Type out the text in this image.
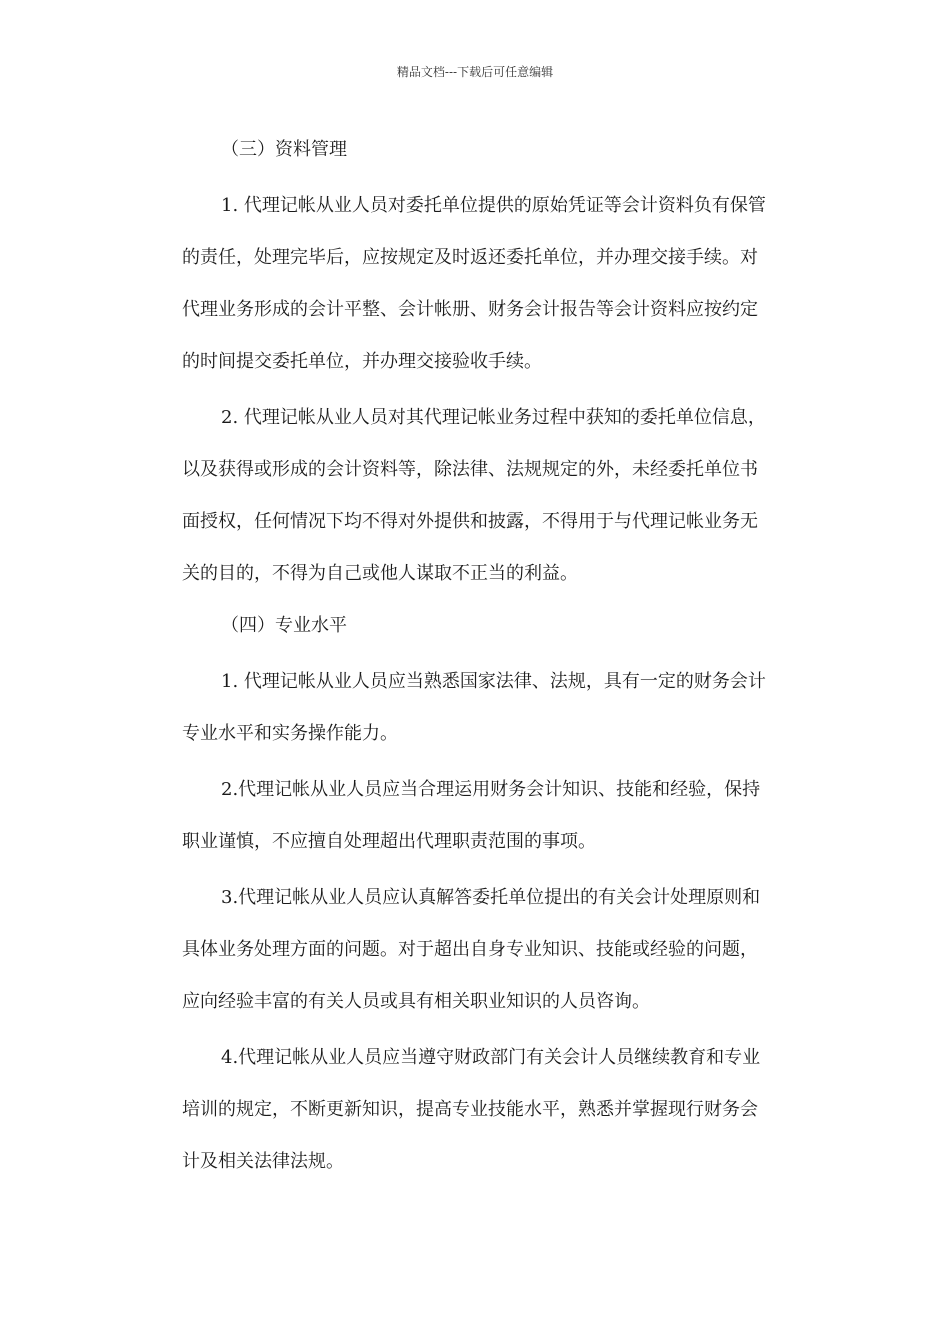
精品文档---下载后可任意编辑
（三）资料管理
1. 代理记帐从业人员对委托单位提供的原始凭证等会计资料负有保管
的责任，处理完毕后，应按规定及时返还委托单位，并办理交接手续。对
代理业务形成的会计平整、会计帐册、财务会计报告等会计资料应按约定
的时间提交委托单位，并办理交接验收手续。
2. 代理记帐从业人员对其代理记帐业务过程中获知的委托单位信息，
以及获得或形成的会计资料等，除法律、法规规定的外，未经委托单位书
面授权，任何情况下均不得对外提供和披露，不得用于与代理记帐业务无
关的目的，不得为自己或他人谋取不正当的利益。
（四）专业水平
1. 代理记帐从业人员应当熟悉国家法律、法规，具有一定的财务会计
专业水平和实务操作能力。
2.代理记帐从业人员应当合理运用财务会计知识、技能和经验，保持
职业谨慎，不应擅自处理超出代理职责范围的事项。
3.代理记帐从业人员应认真解答委托单位提出的有关会计处理原则和
具体业务处理方面的问题。对于超出自身专业知识、技能或经验的问题，
应向经验丰富的有关人员或具有相关职业知识的人员咨询。
4.代理记帐从业人员应当遵守财政部门有关会计人员继续教育和专业
培训的规定，不断更新知识，提高专业技能水平，熟悉并掌握现行财务会
计及相关法律法规。
